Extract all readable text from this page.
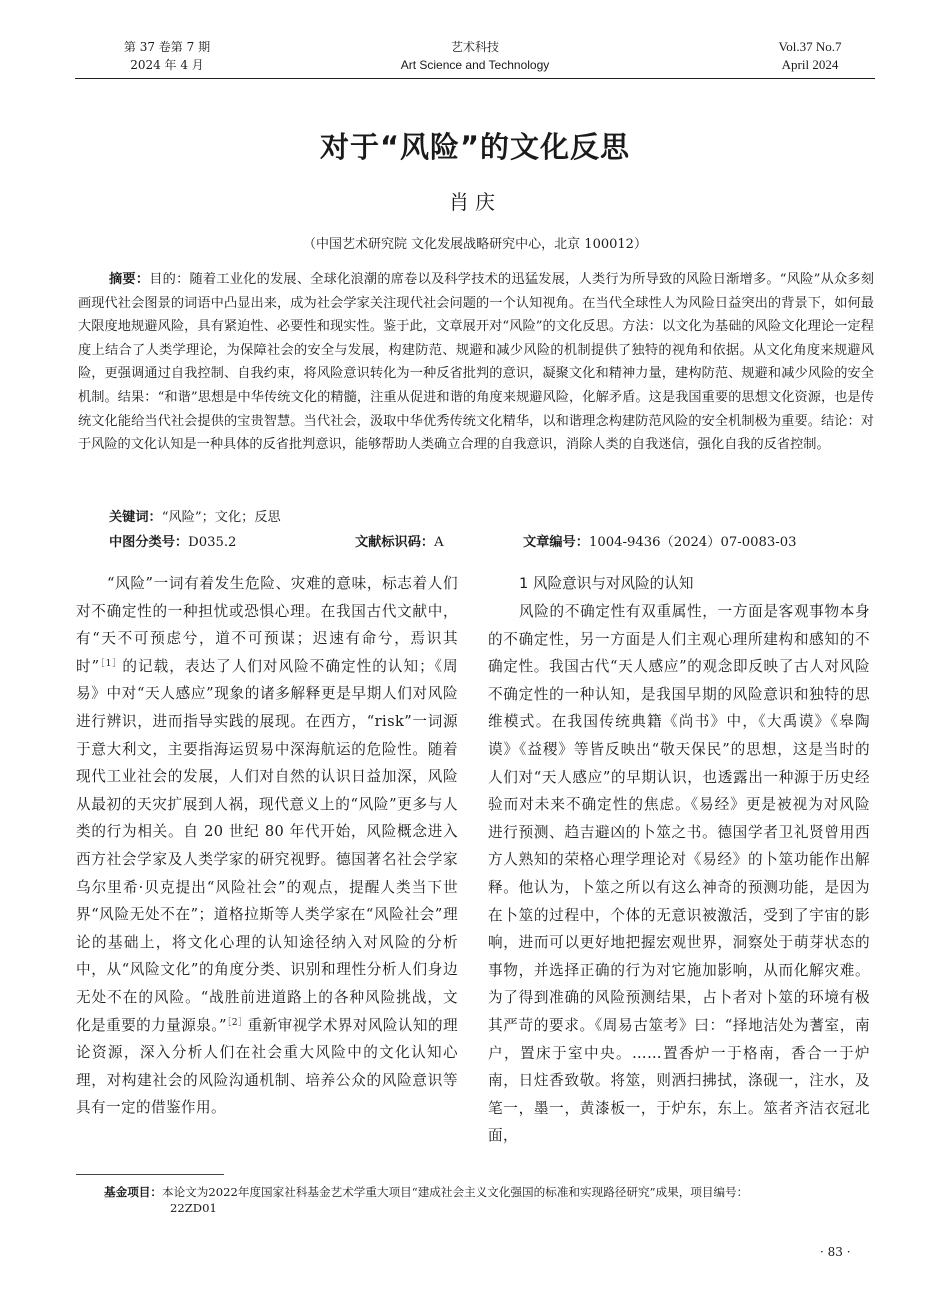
第 37 卷第 7 期
2024 年 4 月
艺术科技
Art Science and Technology
Vol.37 No.7
April 2024
对于“风险”的文化反思
肖庆
（中国艺术研究院 文化发展战略研究中心，北京 100012）

摘要：目的：随着工业化的发展、全球化浪潮的席卷以及科学技术的迅猛发展，人类行为所导致的风险日渐增多。“风险”从众多刻画现代社会图景的词语中凸显出来，成为社会学家关注现代社会问题的一个认知视角。在当代全球性人为风险日益突出的背景下，如何最大限度地规避风险，具有紧迫性、必要性和现实性。鉴于此，文章展开对“风险”的文化反思。方法：以文化为基础的风险文化理论一定程度上结合了人类学理论，为保障社会的安全与发展，构建防范、规避和减少风险的机制提供了独特的视角和依据。从文化角度来规避风险，更强调通过自我控制、自我约束，将风险意识转化为一种反省批判的意识，凝聚文化和精神力量，建构防范、规避和减少风险的安全机制。结果：“和谐”思想是中华传统文化的精髓，注重从促进和谐的角度来规避风险，化解矛盾。这是我国重要的思想文化资源，也是传统文化能给当代社会提供的宝贵智慧。当代社会，汲取中华优秀传统文化精华，以和谐理念构建防范风险的安全机制极为重要。结论：对于风险的文化认知是一种具体的反省批判意识，能够帮助人类确立合理的自我意识，消除人类的自我迷信，强化自我的反省控制。

关键词：“风险”；文化；反思
中图分类号：D035.2	文献标识码：A	文章编号：1004-9436（2024）07-0083-03

“风险”一词有着发生危险、灾难的意味，标志着人们对不确定性的一种担忧或恐惧心理。在我国古代文献中，有“天不可预虑兮，道不可预谋；迟速有命兮，焉识其时”$^{[1]}$的记载，表达了人们对风险不确定性的认知；《周易》中对“天人感应”现象的诸多解释更是早期人们对风险进行辨识，进而指导实践的展现。在西方，“risk”一词源于意大利文，主要指海运贸易中深海航运的危险性。随着现代工业社会的发展，人们对自然的认识日益加深，风险从最初的天灾扩展到人祸，现代意义上的“风险”更多与人类的行为相关。自 20 世纪 80 年代开始，风险概念进入西方社会学家及人类学家的研究视野。德国著名社会学家乌尔里希·贝克提出“风险社会”的观点，提醒人类当下世界“风险无处不在”；道格拉斯等人类学家在“风险社会”理论的基础上，将文化心理的认知途径纳入对风险的分析中，从“风险文化”的角度分类、识别和理性分析人们身边无处不在的风险。“战胜前进道路上的各种风险挑战，文化是重要的力量源泉。”$^{[2]}$重新审视学术界对风险认知的理论资源，深入分析人们在社会重大风险中的文化认知心理，对构建社会的风险沟通机制、培养公众的风险意识等具有一定的借鉴作用。

1 风险意识与对风险的认知

风险的不确定性有双重属性，一方面是客观事物本身的不确定性，另一方面是人们主观心理所建构和感知的不确定性。我国古代“天人感应”的观念即反映了古人对风险不确定性的一种认知，是我国早期的风险意识和独特的思维模式。在我国传统典籍《尚书》中，《大禹谟》《皋陶谟》《益稷》等皆反映出“敬天保民”的思想，这是当时的人们对“天人感应”的早期认识，也透露出一种源于历史经验而对未来不确定性的焦虑。《易经》更是被视为对风险进行预测、趋吉避凶的卜筮之书。德国学者卫礼贤曾用西方人熟知的荣格心理学理论对《易经》的卜筮功能作出解释。他认为，卜筮之所以有这么神奇的预测功能，是因为在卜筮的过程中，个体的无意识被激活，受到了宇宙的影响，进而可以更好地把握宏观世界，洞察处于萌芽状态的事物，并选择正确的行为对它施加影响，从而化解灾难。为了得到准确的风险预测结果，占卜者对卜筮的环境有极其严苛的要求。《周易古筮考》曰：“择地洁处为蓍室，南户，置床于室中央。……置香炉一于格南，香合一于炉南，日炷香致敬。将筮，则洒扫拂拭，涤砚一，注水，及笔一，墨一，黄漆板一，于炉东，东上。筮者齐洁衣冠北面，

基金项目：本论文为2022年度国家社科基金艺术学重大项目“建成社会主义文化强国的标准和实现路径研究”成果，项目编号：
22ZD01
· 83 ·
